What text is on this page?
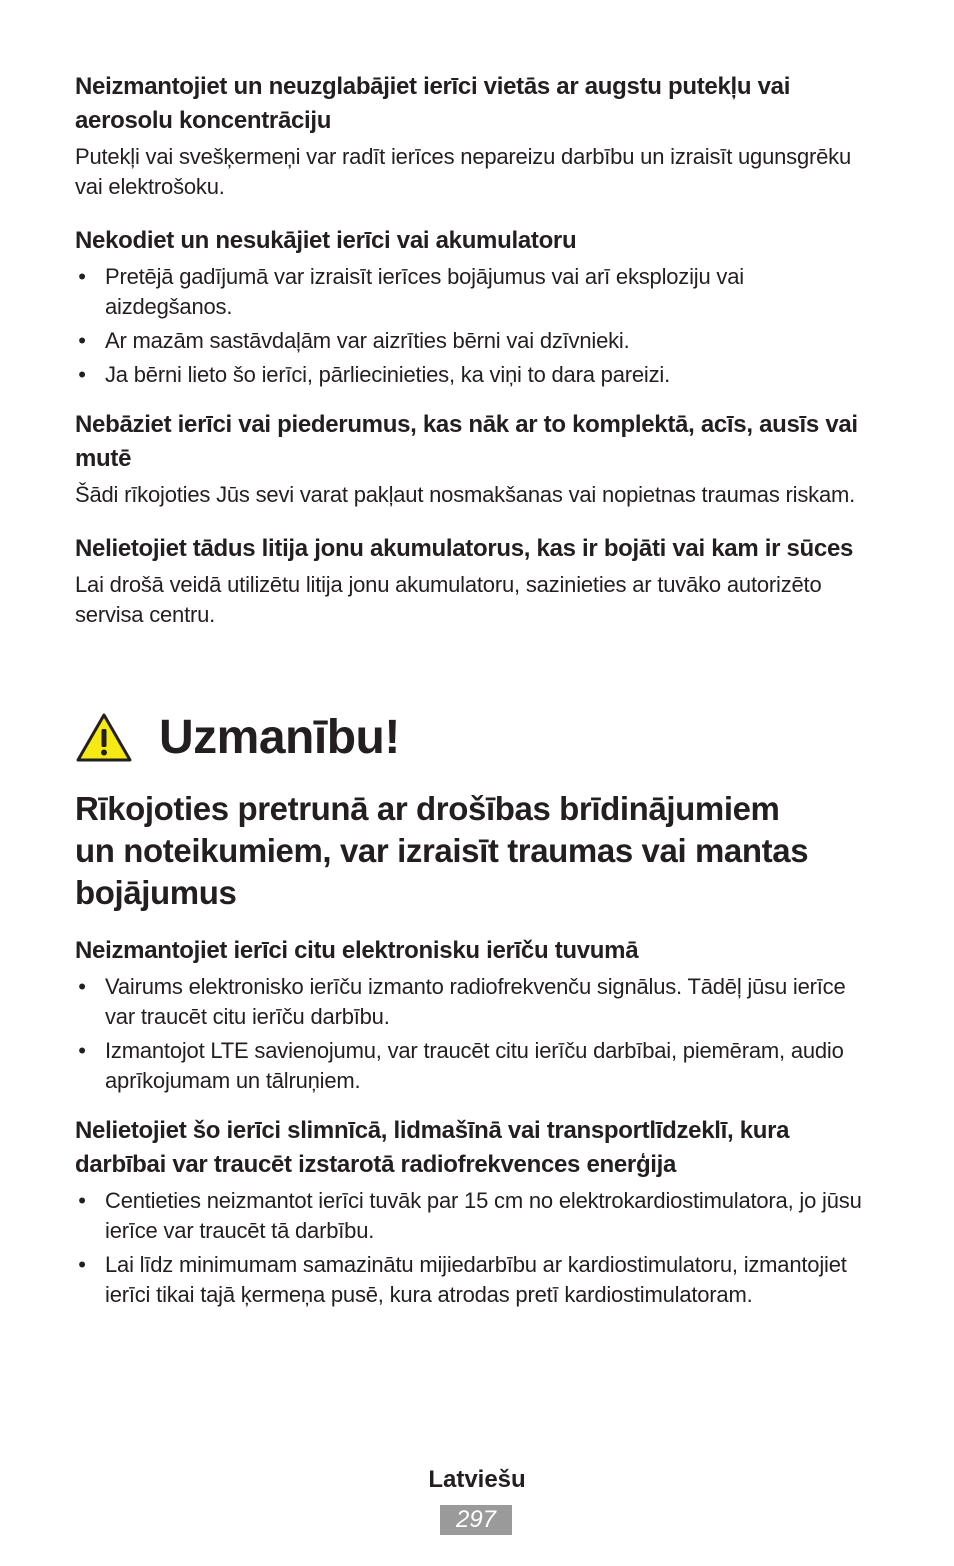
Neizmantojiet un neuzglabājiet ierīci vietās ar augstu putekļu vai aerosolu koncentrāciju

Putekļi vai svešķermeņi var radīt ierīces nepareizu darbību un izraisīt ugunsgrēku vai elektrošoku.

Nekodiet un nesukājiet ierīci vai akumulatoru
• Pretējā gadījumā var izraisīt ierīces bojājumus vai arī eksploziju vai aizdegšanos.
• Ar mazām sastāvdaļām var aizrīties bērni vai dzīvnieki.
• Ja bērni lieto šo ierīci, pārliecinieties, ka viņi to dara pareizi.
Nebāziet ierīci vai piederumus, kas nāk ar to komplektā, acīs, ausīs vai mutē

Šādi rīkojoties Jūs sevi varat pakļaut nosmakšanas vai nopietnas traumas riskam.

Nelietojiet tādus litija jonu akumulatorus, kas ir bojāti vai kam ir sūces

Lai drošā veidā utilizētu litija jonu akumulatoru, sazinieties ar tuvāko autorizēto servisa centru.

Uzmanību!
Rīkojoties pretrunā ar drošības brīdinājumiem un noteikumiem, var izraisīt traumas vai mantas bojājumus
Neizmantojiet ierīci citu elektronisku ierīču tuvumā
• Vairums elektronisko ierīču izmanto radiofrekvenču signālus. Tādēļ jūsu ierīce var traucēt citu ierīču darbību.
• Izmantojot LTE savienojumu, var traucēt citu ierīču darbībai, piemēram, audio aprīkojumam un tālruņiem.
Nelietojiet šo ierīci slimnīcā, lidmašīnā vai transportlīdzeklī, kura darbībai var traucēt izstarotā radiofrekvences enerģija
• Centieties neizmantot ierīci tuvāk par 15 cm no elektrokardiostimulatora, jo jūsu ierīce var traucēt tā darbību.
• Lai līdz minimumam samazinātu mijiedarbību ar kardiostimulatoru, izmantojiet ierīci tikai tajā ķermeņa pusē, kura atrodas pretī kardiostimulatoram.
Latviešu
297
